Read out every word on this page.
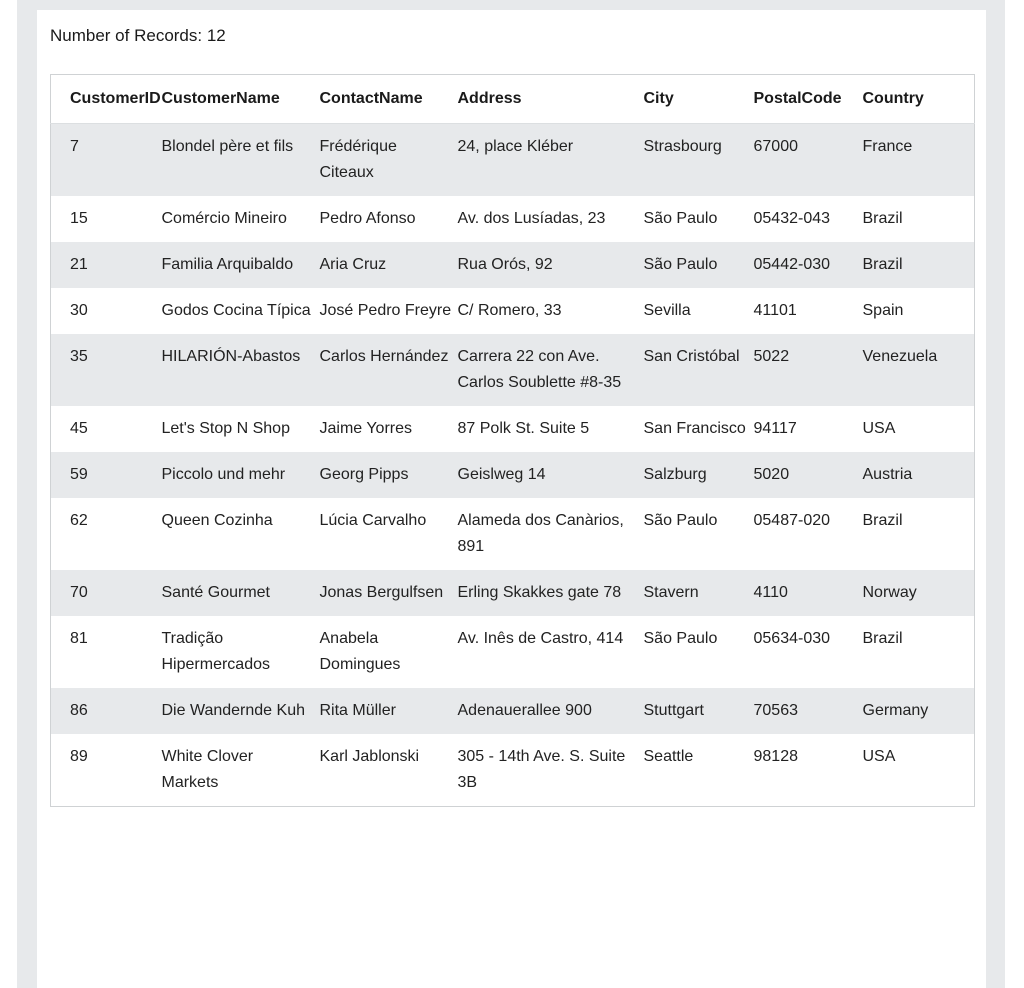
Number of Records: 12
CustomerID	CustomerName	ContactName	Address	City	PostalCode	Country
7	Blondel père et fils	Frédérique Citeaux	24, place Kléber	Strasbourg	67000	France
15	Comércio Mineiro	Pedro Afonso	Av. dos Lusíadas, 23	São Paulo	05432-043	Brazil
21	Familia Arquibaldo	Aria Cruz	Rua Orós, 92	São Paulo	05442-030	Brazil
30	Godos Cocina Típica	José Pedro Freyre	C/ Romero, 33	Sevilla	41101	Spain
35	HILARIÓN-Abastos	Carlos Hernández	Carrera 22 con Ave. Carlos Soublette #8-35	San Cristóbal	5022	Venezuela
45	Let's Stop N Shop	Jaime Yorres	87 Polk St. Suite 5	San Francisco	94117	USA
59	Piccolo und mehr	Georg Pipps	Geislweg 14	Salzburg	5020	Austria
62	Queen Cozinha	Lúcia Carvalho	Alameda dos Canàrios, 891	São Paulo	05487-020	Brazil
70	Santé Gourmet	Jonas Bergulfsen	Erling Skakkes gate 78	Stavern	4110	Norway
81	Tradição Hipermercados	Anabela Domingues	Av. Inês de Castro, 414	São Paulo	05634-030	Brazil
86	Die Wandernde Kuh	Rita Müller	Adenauerallee 900	Stuttgart	70563	Germany
89	White Clover Markets	Karl Jablonski	305 - 14th Ave. S. Suite 3B	Seattle	98128	USA
